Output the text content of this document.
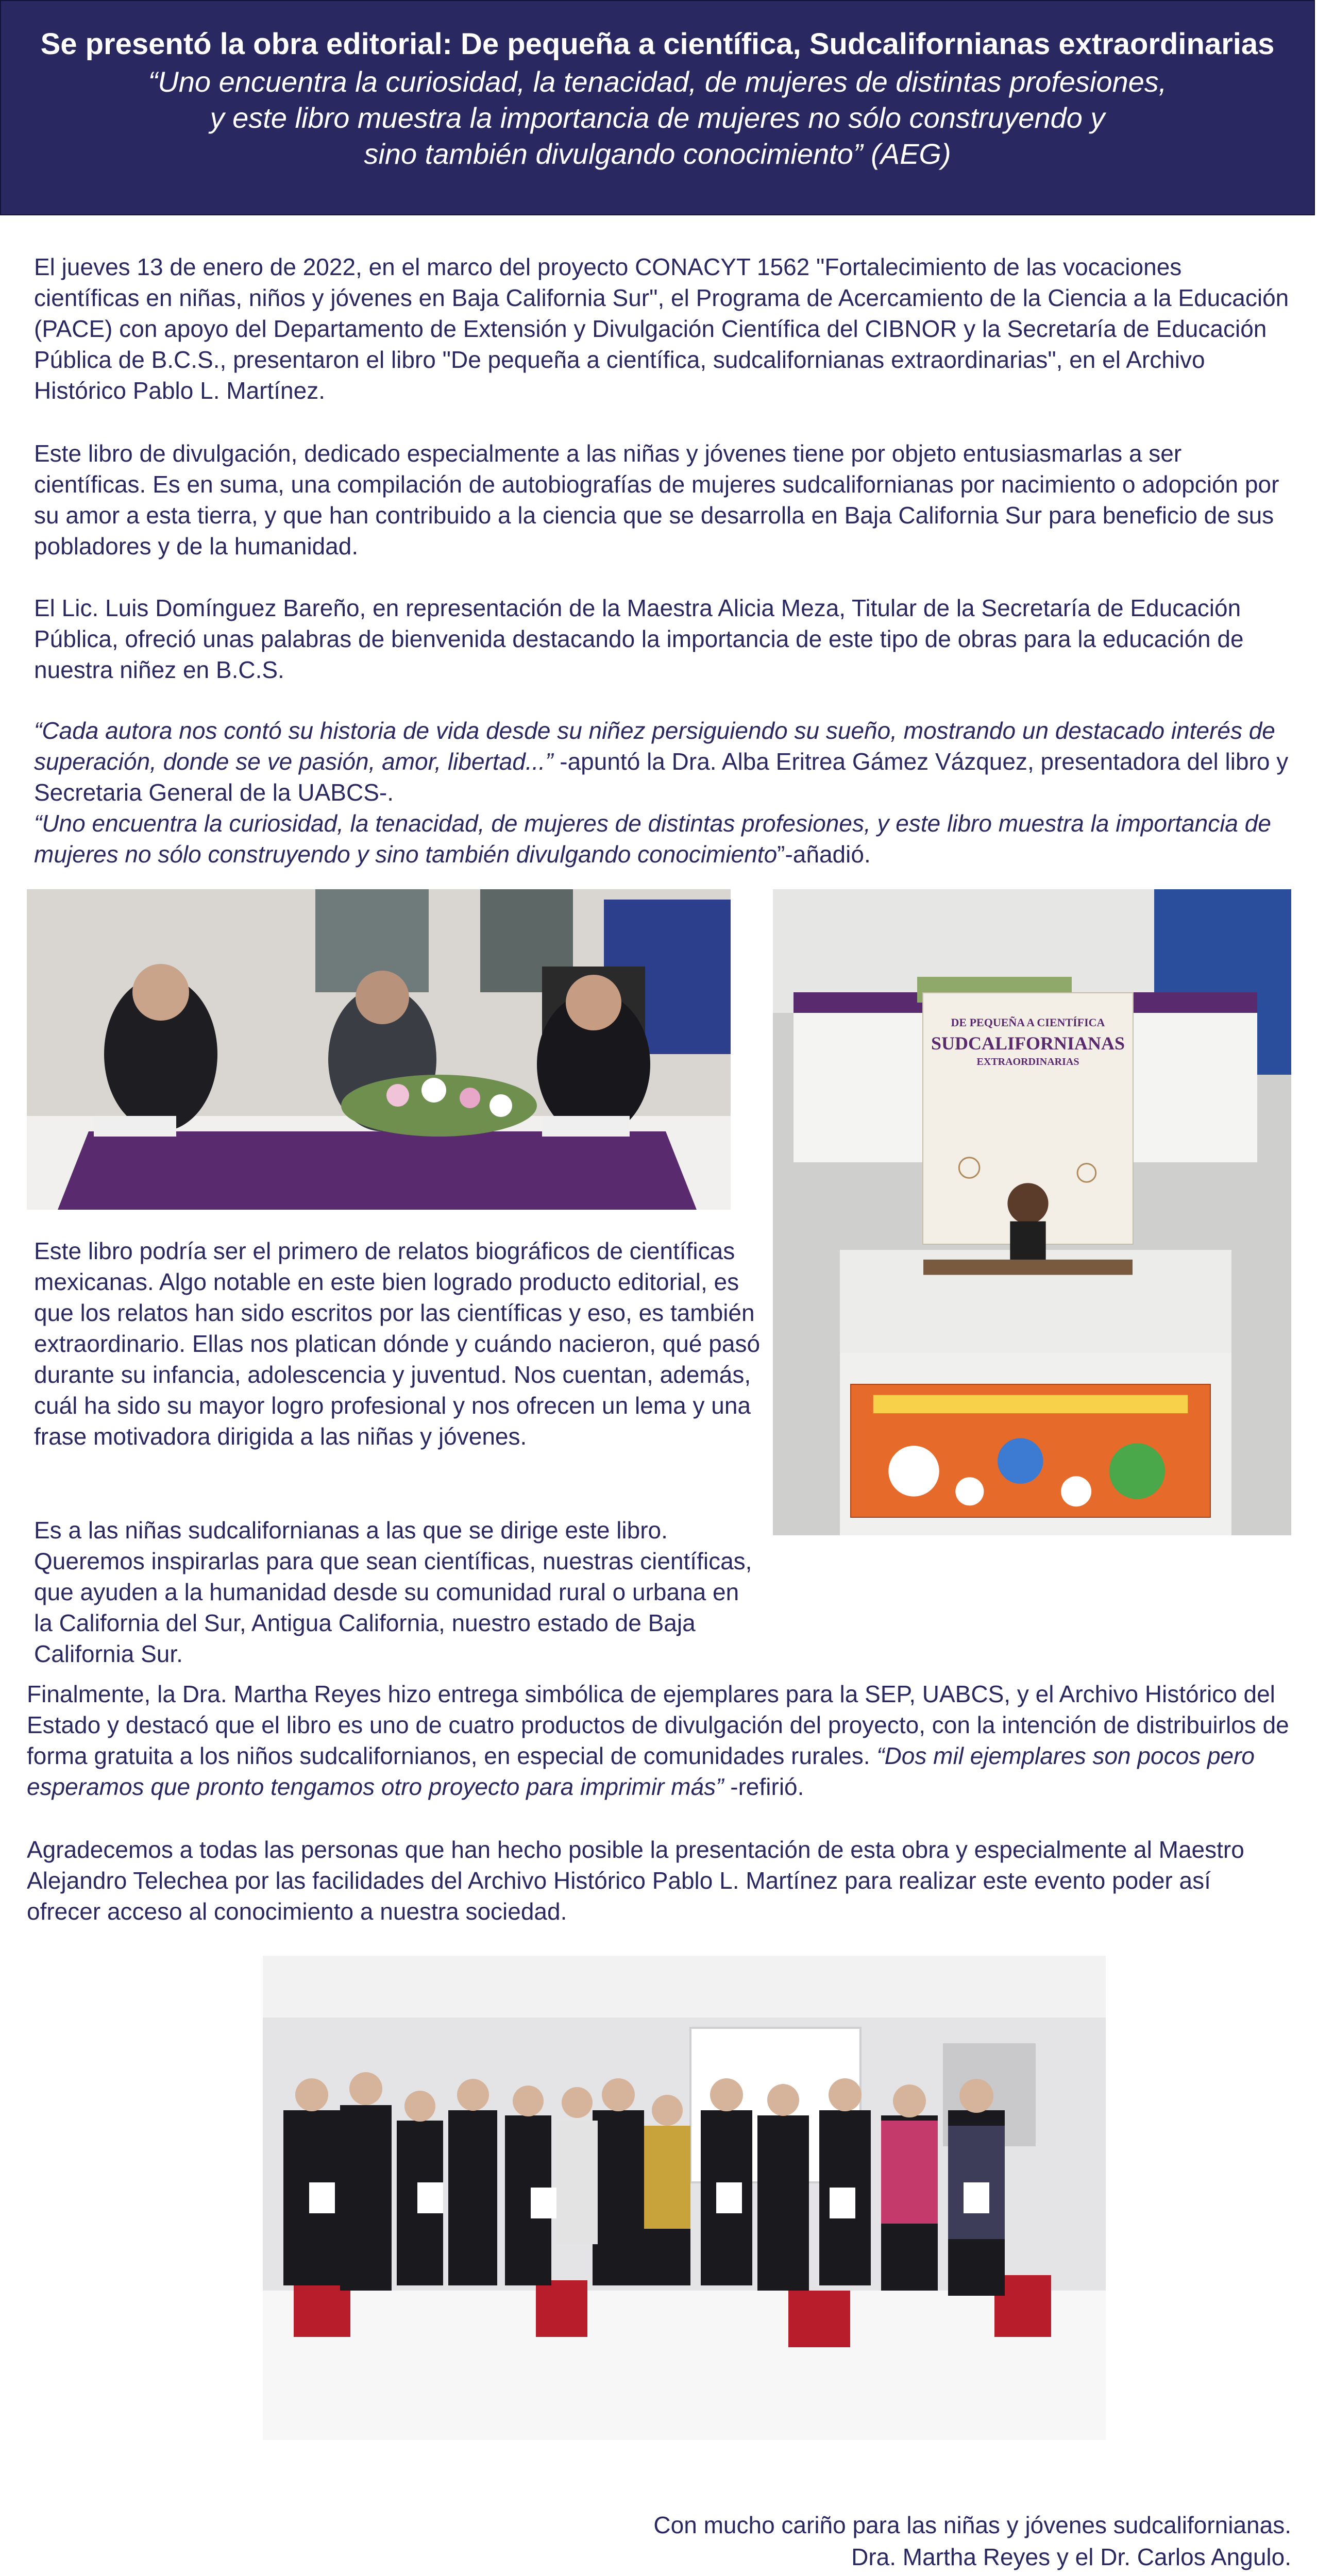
Se presentó la obra editorial: De pequeña a científica, Sudcalifornianas extraordinarias
“Uno encuentra la curiosidad, la tenacidad, de mujeres de distintas profesiones,
y este libro muestra la importancia de mujeres no sólo construyendo y
sino también divulgando conocimiento” (AEG)

El jueves 13 de enero de 2022, en el marco del proyecto CONACYT 1562 "Fortalecimiento de las vocaciones científicas en niñas, niños y jóvenes en Baja California Sur", el Programa de Acercamiento de la Ciencia a la Educación (PACE) con apoyo del Departamento de Extensión y Divulgación Científica del CIBNOR y la Secretaría de Educación Pública de B.C.S., presentaron el libro "De pequeña a científica, sudcalifornianas extraordinarias", en el Archivo Histórico Pablo L. Martínez.

Este libro de divulgación, dedicado especialmente a las niñas y jóvenes tiene por objeto entusiasmarlas a ser científicas. Es en suma, una compilación de autobiografías de mujeres sudcalifornianas por nacimiento o adopción por su amor a esta tierra, y que han contribuido a la ciencia que se desarrolla en Baja California Sur para beneficio de sus pobladores y de la humanidad.

El Lic. Luis Domínguez Bareño, en representación de la Maestra Alicia Meza, Titular de la Secretaría de Educación Pública, ofreció unas palabras de bienvenida destacando la importancia de este tipo de obras para la educación de nuestra niñez en B.C.S.

“Cada autora nos contó su historia de vida desde su niñez persiguiendo su sueño, mostrando un destacado interés de superación, donde se ve pasión, amor, libertad...” -apuntó la Dra. Alba Eritrea Gámez Vázquez, presentadora del libro y Secretaria General de la UABCS-.

“Uno encuentra la curiosidad, la tenacidad, de mujeres de distintas profesiones, y este libro muestra la importancia de mujeres no sólo construyendo y sino también divulgando conocimiento”-añadió.

DE PEQUEÑA A CIENTÍFICA
SUDCALIFORNIANAS
EXTRAORDINARIAS

Este libro podría ser el primero de relatos biográficos de científicas mexicanas. Algo notable en este bien logrado producto editorial, es que los relatos han sido escritos por las científicas y eso, es también extraordinario. Ellas nos platican dónde y cuándo nacieron, qué pasó durante su infancia, adolescencia y juventud. Nos cuentan, además, cuál ha sido su mayor logro profesional y nos ofrecen un lema y una frase motivadora dirigida a las niñas y jóvenes.

Es a las niñas sudcalifornianas a las que se dirige este libro. Queremos inspirarlas para que sean científicas, nuestras científicas, que ayuden a la humanidad desde su comunidad rural o urbana en la California del Sur, Antigua California, nuestro estado de Baja California Sur.

Finalmente, la Dra. Martha Reyes hizo entrega simbólica de ejemplares para la SEP, UABCS, y el Archivo Histórico del Estado y destacó que el libro es uno de cuatro productos de divulgación del proyecto, con la intención de distribuirlos de forma gratuita a los niños sudcalifornianos, en especial de comunidades rurales. “Dos mil ejemplares son pocos pero esperamos que pronto tengamos otro proyecto para imprimir más” -refirió.

Agradecemos a todas las personas que han hecho posible la presentación de esta obra y especialmente al Maestro Alejandro Telechea por las facilidades del Archivo Histórico Pablo L. Martínez para realizar este evento poder así ofrecer acceso al conocimiento a nuestra sociedad.

Con mucho cariño para las niñas y jóvenes sudcalifornianas.
Dra. Martha Reyes y el Dr. Carlos Angulo.
